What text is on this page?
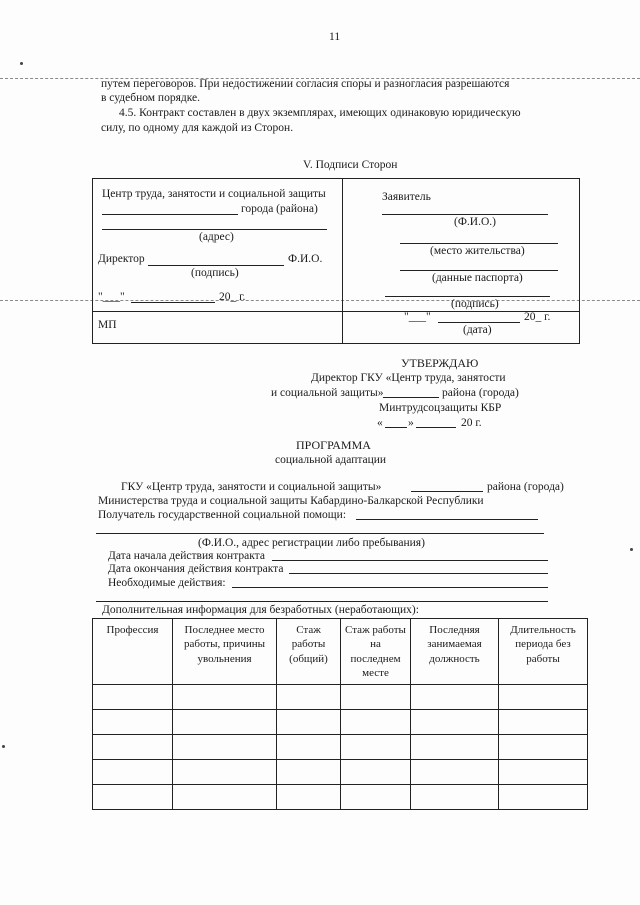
11
путем переговоров. При недостижении согласия споры и разногласия разрешаются
в судебном порядке.
4.5. Контракт составлен в двух экземплярах, имеющих одинаковую юридическую
силу, по одному для каждой из Сторон.
V. Подписи Сторон
Центр труда, занятости и социальной защиты
города (района)
(адрес)
Директор	Ф.И.О.
(подпись)
"___"	20_ г.
МП
Заявитель
(Ф.И.О.)
(место жительства)
(данные паспорта)
(подпись)
"___"	20_ г.
(дата)
УТВЕРЖДАЮ
Директор ГКУ «Центр труда, занятости
и социальной защиты»	района (города)
Минтрудсоцзащиты КБР
« »	20 г.
ПРОГРАММА
социальной адаптации
ГКУ «Центр труда, занятости и социальной защиты»	района (города)
Министерства труда и социальной защиты Кабардино-Балкарской Республики
Получатель государственной социальной помощи:
(Ф.И.О., адрес регистрации либо пребывания)
Дата начала действия контракта
Дата окончания действия контракта
Необходимые действия:
Дополнительная информация для безработных (неработающих):
Профессия	Последнее место работы, причины увольнения	Стаж работы (общий)	Стаж работы на последнем месте	Последняя занимаемая должность	Длительность периода без работы
